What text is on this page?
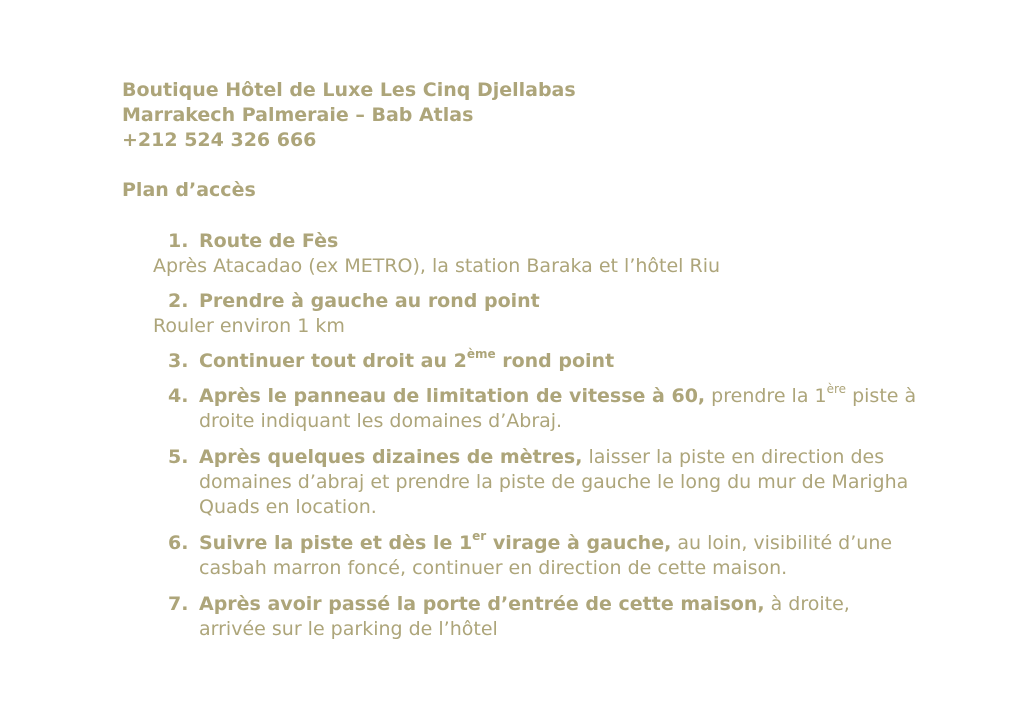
Boutique Hôtel de Luxe Les Cinq Djellabas
Marrakech Palmeraie – Bab Atlas
+212 524 326 666
Plan d’accès
1. Route de Fès
Après Atacadao (ex METRO), la station Baraka et l’hôtel Riu
2. Prendre à gauche au rond point
Rouler environ 1 km
3. Continuer tout droit au 2ème rond point
4. Après le panneau de limitation de vitesse à 60, prendre la 1ère piste à droite indiquant les domaines d’Abraj.
5. Après quelques dizaines de mètres, laisser la piste en direction des domaines d’abraj et prendre la piste de gauche le long du mur de Marigha Quads en location.
6. Suivre la piste et dès le 1er virage à gauche, au loin, visibilité d’une casbah marron foncé, continuer en direction de cette maison.
7. Après avoir passé la porte d’entrée de cette maison, à droite, arrivée sur le parking de l’hôtel
